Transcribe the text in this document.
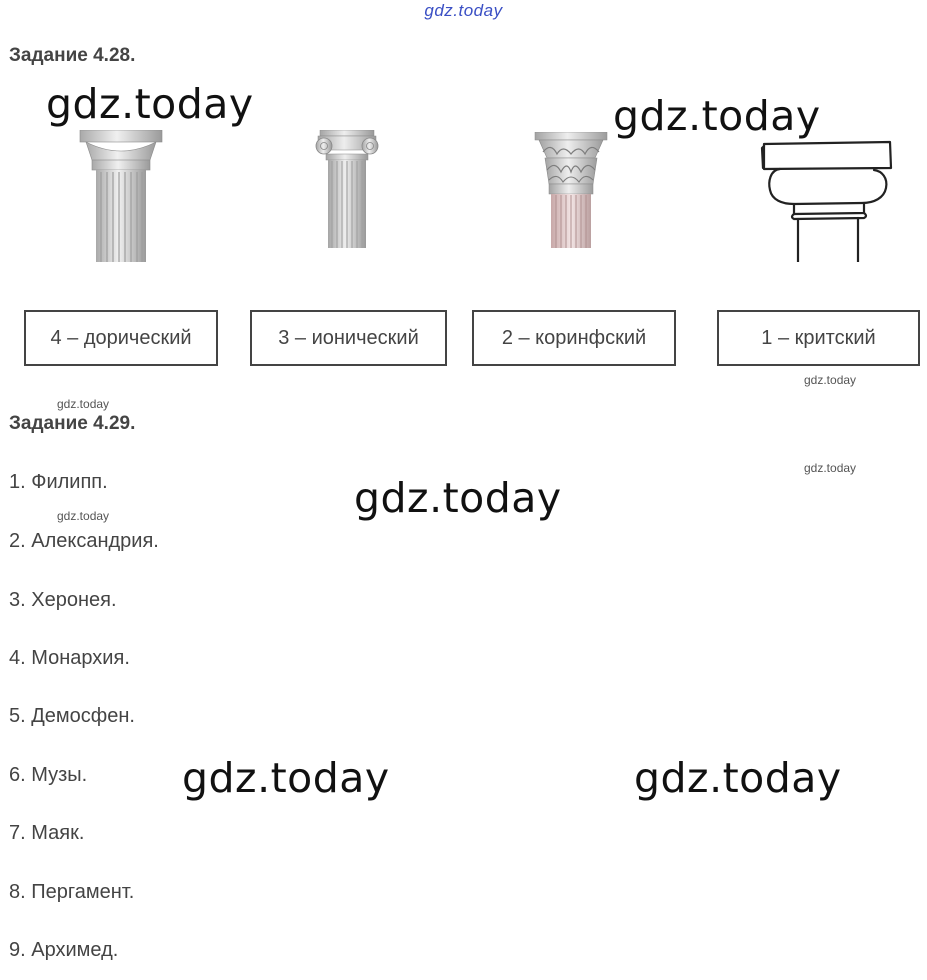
gdz.today
Задание 4.28.
gdz.today	gdz.today
4 – дорический	3 – ионический	2 – коринфский	1 – критский
gdz.today
gdz.today
Задание 4.29.
gdz.today
1. Филипп.	gdz.today
gdz.today
2. Александрия.
3. Херонея.
4. Монархия.
5. Демосфен.
6. Музы. gdz.today	gdz.today
7. Маяк.
8. Пергамент.
9. Архимед.
